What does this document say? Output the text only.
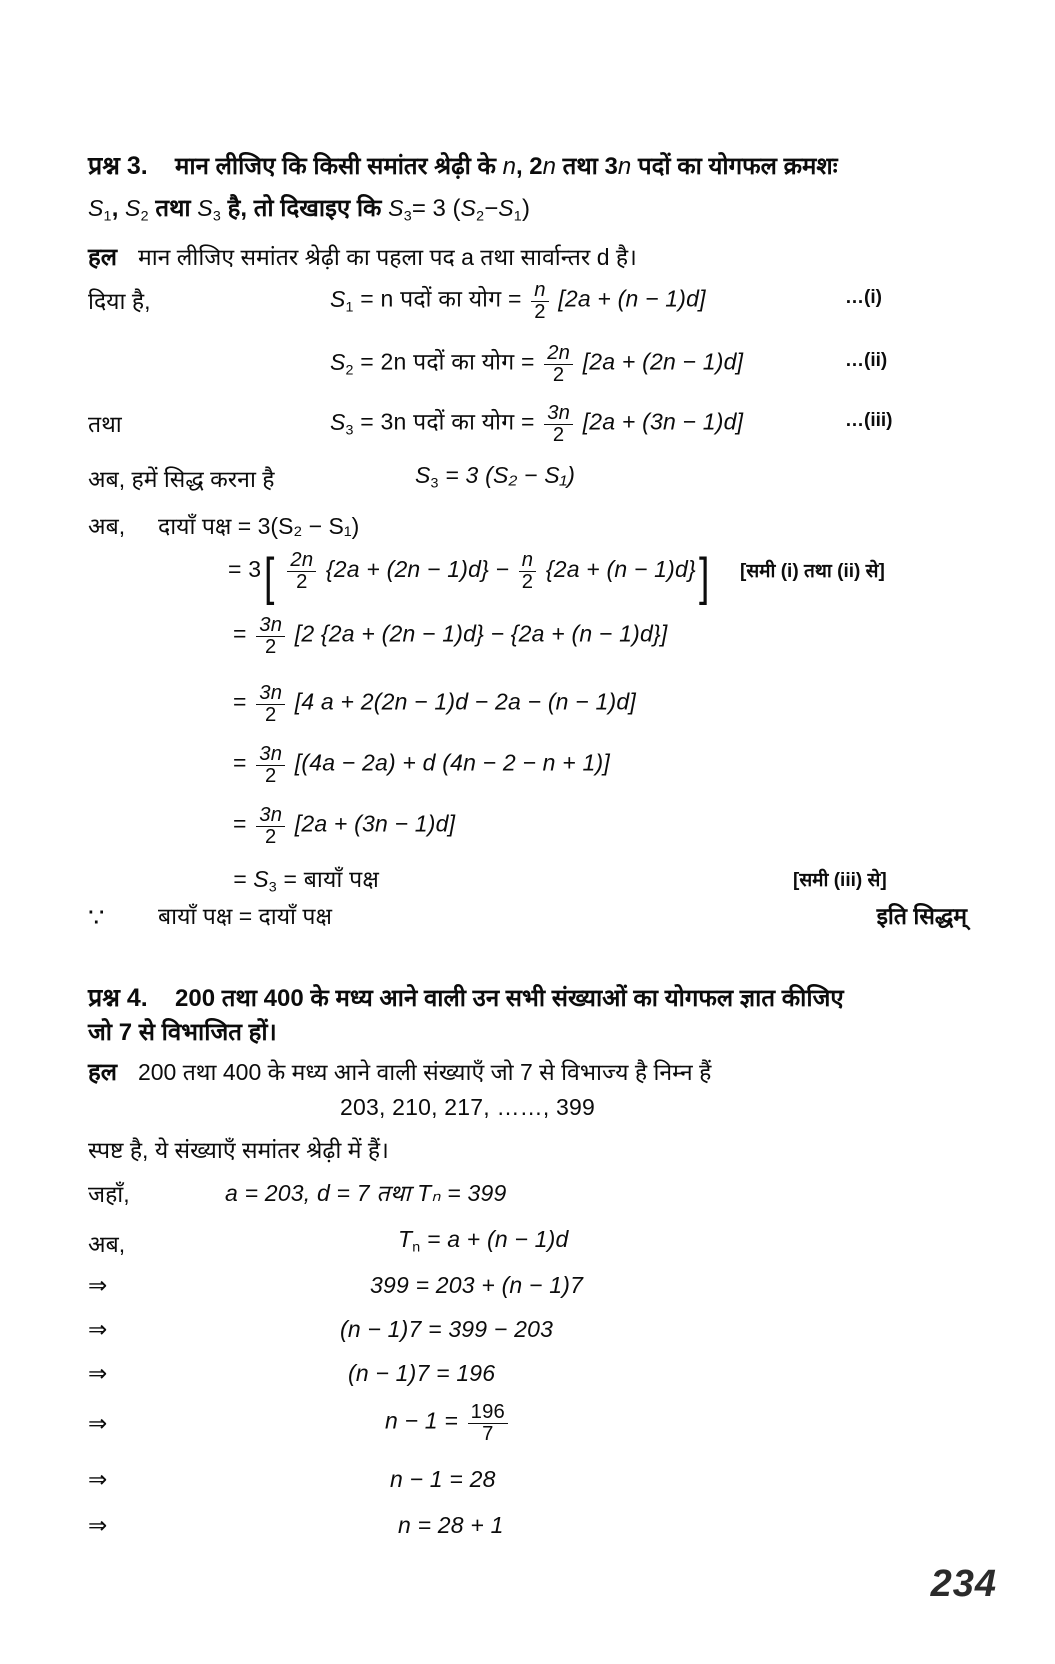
प्रश्न 3. मान लीजिए कि किसी समांतर श्रेढ़ी के n, 2n तथा 3n पदों का योगफल क्रमशः
$S_1$, $S_2$ तथा $S_3$ है, तो दिखाइए कि $S_3= 3$ $(S_2-S_1)$
हल मान लीजिए समांतर श्रेढ़ी का पहला पद a तथा सार्वान्तर d है।
दिया है,	$S_1 = n$ पदों का योग = $\frac{n}{2} [2a + (n - 1)d]$	…(i)
$S_2 = 2n$ पदों का योग = $\frac{2n}{2} [2a + (2n - 1)d]$	…(ii)
तथा	$S_3 = 3n$ पदों का योग = $\frac{3n}{2} [2a + (3n - 1)d]$	…(iii)
अब, हमें सिद्ध करना है	$S_3 = 3$ (S₂ − S₁)
अब, दायाँ पक्ष = 3(S₂ − S₁)
= $3[ \frac{2n}{2} \{2a + (2n - 1)d\} - \frac{n}{2} \{2a + (n - 1)d\}]$ [समी (i) तथा (ii) से]
= $\frac{3n}{2} [2$ {2a + (2n − 1)d} − {2a + (n − 1)d}]
= $\frac{3n}{2} [4$ a + 2(2n − 1)d − 2a − (n − 1)d]
= $\frac{3n}{2} [(4a - 2a) + d$ (4n − 2 − n + 1)]
= $\frac{3n}{2} [2a + (3n - 1)d]$
= $S_3$ = बायाँ पक्ष	[समी (iii) से]
∵ बायाँ पक्ष = दायाँ पक्ष	इति सिद्धम्
प्रश्न 4. 200 तथा 400 के मध्य आने वाली उन सभी संख्याओं का योगफल ज्ञात कीजिए
जो 7 से विभाजित हों।
हल 200 तथा 400 के मध्य आने वाली संख्याएँ जो 7 से विभाज्य है निम्न हैं
203, 210, 217, ……, 399
स्पष्ट है, ये संख्याएँ समांतर श्रेढ़ी में हैं।
जहाँ,	a = 203, d = 7 तथा Tₙ = 399
अब,	$T_n = a + (n - 1)d$
⇒	399 = 203 + (n − 1)7
⇒	(n − 1)7 = 399 − 203
⇒	(n − 1)7 = 196
⇒	$n - 1 = \frac{196}{7}$
⇒	n − 1 = 28
⇒	n = 28 + 1
234
